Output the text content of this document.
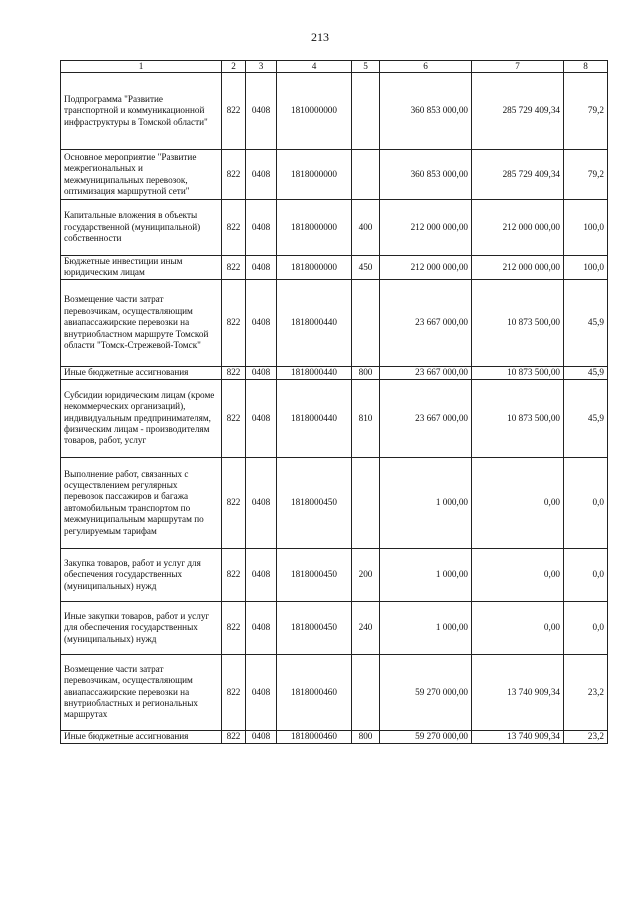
213
1	2	3	4	5	6	7	8
Подпрограмма "Развитие транспортной и коммуникационной инфраструктуры в Томской области"	822	0408	1810000000		360 853 000,00	285 729 409,34	79,2
Основное мероприятие "Развитие межрегиональных и межмуниципальных перевозок, оптимизация маршрутной сети"	822	0408	1818000000		360 853 000,00	285 729 409,34	79,2
Капитальные вложения в объекты государственной (муниципальной) собственности	822	0408	1818000000	400	212 000 000,00	212 000 000,00	100,0
Бюджетные инвестиции иным юридическим лицам	822	0408	1818000000	450	212 000 000,00	212 000 000,00	100,0
Возмещение части затрат перевозчикам, осуществляющим авиапассажирские перевозки на внутриобластном маршруте Томской области "Томск-Стрежевой-Томск"	822	0408	1818000440		23 667 000,00	10 873 500,00	45,9
Иные бюджетные ассигнования	822	0408	1818000440	800	23 667 000,00	10 873 500,00	45,9
Субсидии юридическим лицам (кроме некоммерческих организаций), индивидуальным предпринимателям, физическим лицам - производителям товаров, работ, услуг	822	0408	1818000440	810	23 667 000,00	10 873 500,00	45,9
Выполнение работ, связанных с осуществлением регулярных перевозок пассажиров и багажа автомобильным транспортом по межмуниципальным маршрутам по регулируемым тарифам	822	0408	1818000450		1 000,00	0,00	0,0
Закупка товаров, работ и услуг для обеспечения государственных (муниципальных) нужд	822	0408	1818000450	200	1 000,00	0,00	0,0
Иные закупки товаров, работ и услуг для обеспечения государственных (муниципальных) нужд	822	0408	1818000450	240	1 000,00	0,00	0,0
Возмещение части затрат перевозчикам, осуществляющим авиапассажирские перевозки на внутриобластных и региональных маршрутах	822	0408	1818000460		59 270 000,00	13 740 909,34	23,2
Иные бюджетные ассигнования	822	0408	1818000460	800	59 270 000,00	13 740 909,34	23,2
